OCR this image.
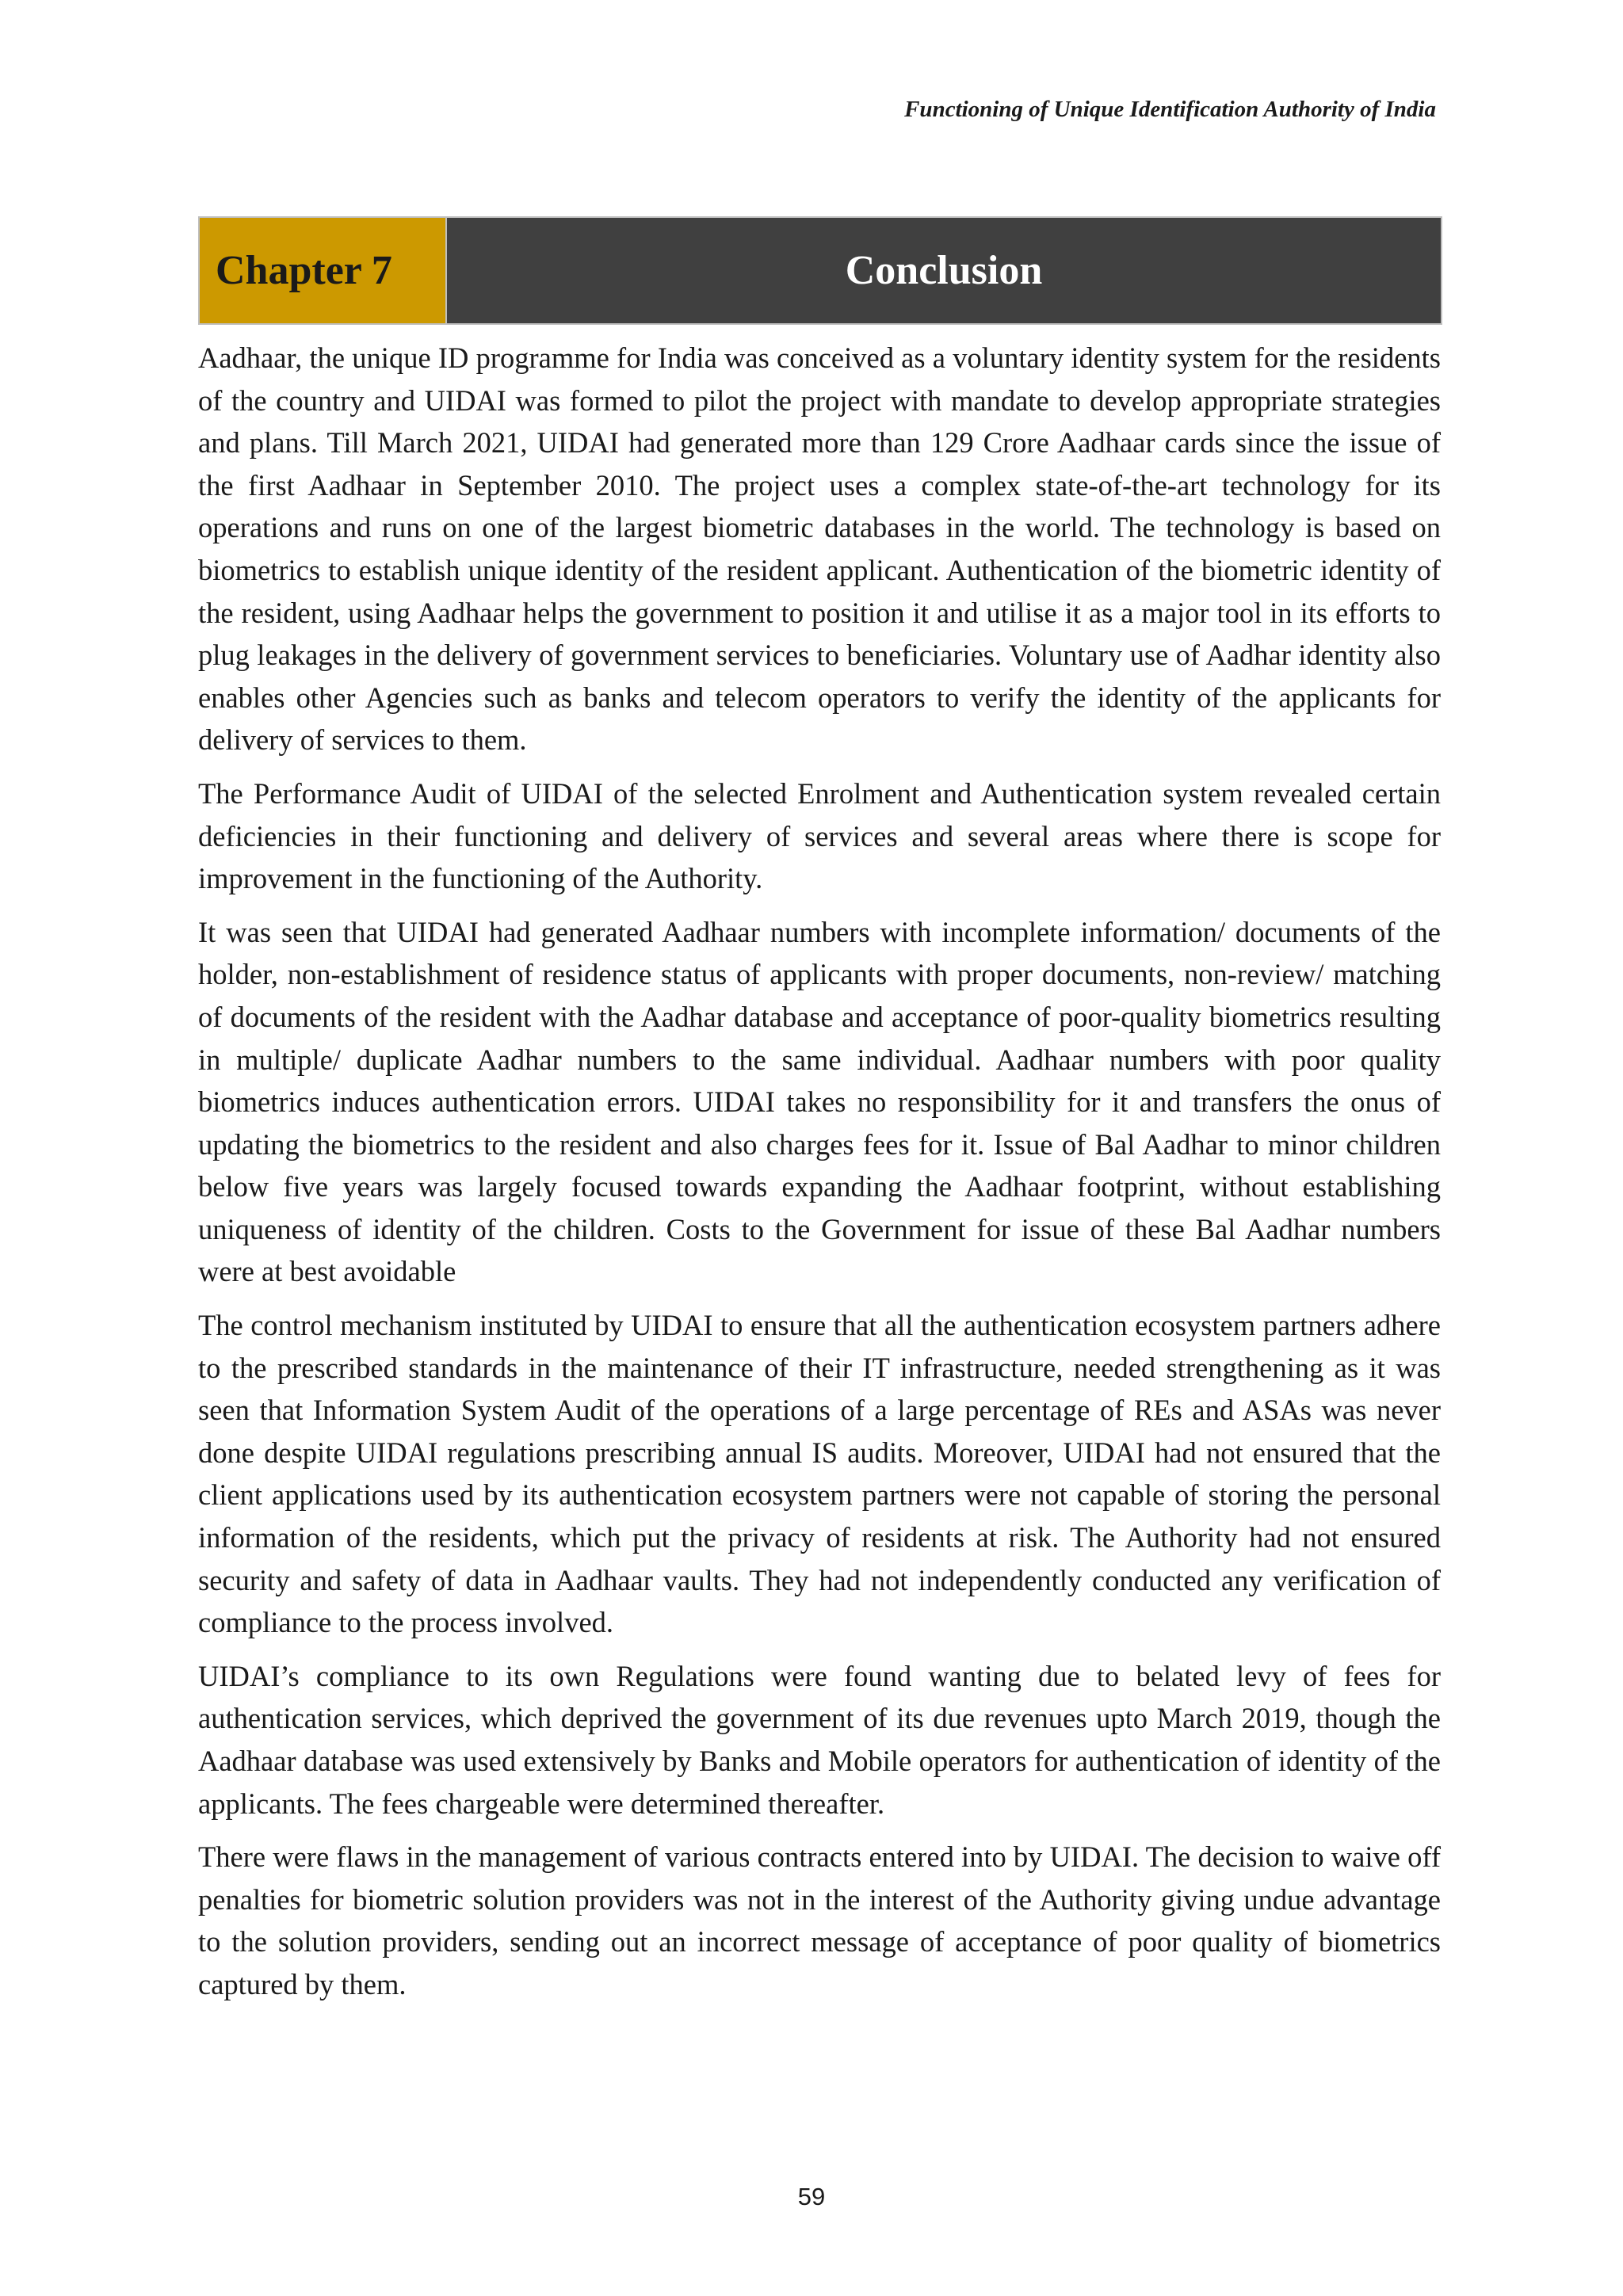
Functioning of Unique Identification Authority of India
Chapter 7	Conclusion

Aadhaar, the unique ID programme for India was conceived as a voluntary identity system for the residents of the country and UIDAI was formed to pilot the project with mandate to develop appropriate strategies and plans. Till March 2021, UIDAI had generated more than 129 Crore Aadhaar cards since the issue of the first Aadhaar in September 2010. The project uses a complex state-of-the-art technology for its operations and runs on one of the largest biometric databases in the world. The technology is based on biometrics to establish unique identity of the resident applicant. Authentication of the biometric identity of the resident, using Aadhaar helps the government to position it and utilise it as a major tool in its efforts to plug leakages in the delivery of government services to beneficiaries. Voluntary use of Aadhar identity also enables other Agencies such as banks and telecom operators to verify the identity of the applicants for delivery of services to them.

The Performance Audit of UIDAI of the selected Enrolment and Authentication system revealed certain deficiencies in their functioning and delivery of services and several areas where there is scope for improvement in the functioning of the Authority.

It was seen that UIDAI had generated Aadhaar numbers with incomplete information/ documents of the holder, non-establishment of residence status of applicants with proper documents, non-review/ matching of documents of the resident with the Aadhar database and acceptance of poor-quality biometrics resulting in multiple/ duplicate Aadhar numbers to the same individual. Aadhaar numbers with poor quality biometrics induces authentication errors. UIDAI takes no responsibility for it and transfers the onus of updating the biometrics to the resident and also charges fees for it. Issue of Bal Aadhar to minor children below five years was largely focused towards expanding the Aadhaar footprint, without establishing uniqueness of identity of the children. Costs to the Government for issue of these Bal Aadhar numbers were at best avoidable

The control mechanism instituted by UIDAI to ensure that all the authentication ecosystem partners adhere to the prescribed standards in the maintenance of their IT infrastructure, needed strengthening as it was seen that Information System Audit of the operations of a large percentage of REs and ASAs was never done despite UIDAI regulations prescribing annual IS audits. Moreover, UIDAI had not ensured that the client applications used by its authentication ecosystem partners were not capable of storing the personal information of the residents, which put the privacy of residents at risk. The Authority had not ensured security and safety of data in Aadhaar vaults. They had not independently conducted any verification of compliance to the process involved.

UIDAI’s compliance to its own Regulations were found wanting due to belated levy of fees for authentication services, which deprived the government of its due revenues upto March 2019, though the Aadhaar database was used extensively by Banks and Mobile operators for authentication of identity of the applicants. The fees chargeable were determined thereafter.

There were flaws in the management of various contracts entered into by UIDAI. The decision to waive off penalties for biometric solution providers was not in the interest of the Authority giving undue advantage to the solution providers, sending out an incorrect message of acceptance of poor quality of biometrics captured by them.

59
